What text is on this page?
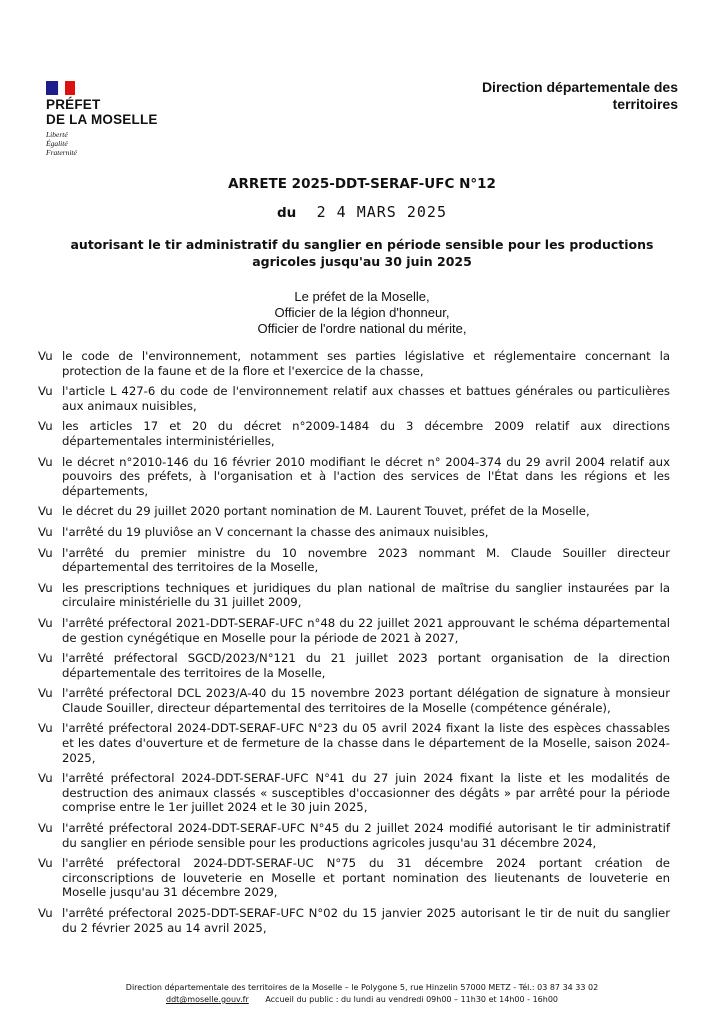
PRÉFET
DE LA MOSELLE
Liberté
Égalité
Fraternité
Direction départementale des territoires
ARRETE 2025-DDT-SERAF-UFC N°12
du 2 4 MARS 2025
autorisant le tir administratif du sanglier en période sensible pour les productions agricoles jusqu'au 30 juin 2025
Le préfet de la Moselle,
Officier de la légion d'honneur,
Officier de l'ordre national du mérite,
Vu le code de l'environnement, notamment ses parties législative et réglementaire concernant la protection de la faune et de la flore et l'exercice de la chasse,
Vu l'article L 427-6 du code de l'environnement relatif aux chasses et battues générales ou particulières aux animaux nuisibles,
Vu les articles 17 et 20 du décret n°2009-1484 du 3 décembre 2009 relatif aux directions départementales interministérielles,
Vu le décret n°2010-146 du 16 février 2010 modifiant le décret n° 2004-374 du 29 avril 2004 relatif aux pouvoirs des préfets, à l'organisation et à l'action des services de l'État dans les régions et les départements,
Vu le décret du 29 juillet 2020 portant nomination de M. Laurent Touvet, préfet de la Moselle,
Vu l'arrêté du 19 pluviôse an V concernant la chasse des animaux nuisibles,
Vu l'arrêté du premier ministre du 10 novembre 2023 nommant M. Claude Souiller directeur départemental des territoires de la Moselle,
Vu les prescriptions techniques et juridiques du plan national de maîtrise du sanglier instaurées par la circulaire ministérielle du 31 juillet 2009,
Vu l'arrêté préfectoral 2021-DDT-SERAF-UFC n°48 du 22 juillet 2021 approuvant le schéma départemental de gestion cynégétique en Moselle pour la période de 2021 à 2027,
Vu l'arrêté préfectoral SGCD/2023/N°121 du 21 juillet 2023 portant organisation de la direction départementale des territoires de la Moselle,
Vu l'arrêté préfectoral DCL 2023/A-40 du 15 novembre 2023 portant délégation de signature à monsieur Claude Souiller, directeur départemental des territoires de la Moselle (compétence générale),
Vu l'arrêté préfectoral 2024-DDT-SERAF-UFC N°23 du 05 avril 2024 fixant la liste des espèces chassables et les dates d'ouverture et de fermeture de la chasse dans le département de la Moselle, saison 2024-2025,
Vu l'arrêté préfectoral 2024-DDT-SERAF-UFC N°41 du 27 juin 2024 fixant la liste et les modalités de destruction des animaux classés « susceptibles d'occasionner des dégâts » par arrêté pour la période comprise entre le 1er juillet 2024 et le 30 juin 2025,
Vu l'arrêté préfectoral 2024-DDT-SERAF-UFC N°45 du 2 juillet 2024 modifié autorisant le tir administratif du sanglier en période sensible pour les productions agricoles jusqu'au 31 décembre 2024,
Vu l'arrêté préfectoral 2024-DDT-SERAF-UC N°75 du 31 décembre 2024 portant création de circonscriptions de louveterie en Moselle et portant nomination des lieutenants de louveterie en Moselle jusqu'au 31 décembre 2029,
Vu l'arrêté préfectoral 2025-DDT-SERAF-UFC N°02 du 15 janvier 2025 autorisant le tir de nuit du sanglier du 2 février 2025 au 14 avril 2025,
Direction départementale des territoires de la Moselle – le Polygone 5, rue Hinzelin 57000 METZ - Tél.: 03 87 34 33 02
ddt@moselle.gouv.fr Accueil du public : du lundi au vendredi 09h00 – 11h30 et 14h00 - 16h00
